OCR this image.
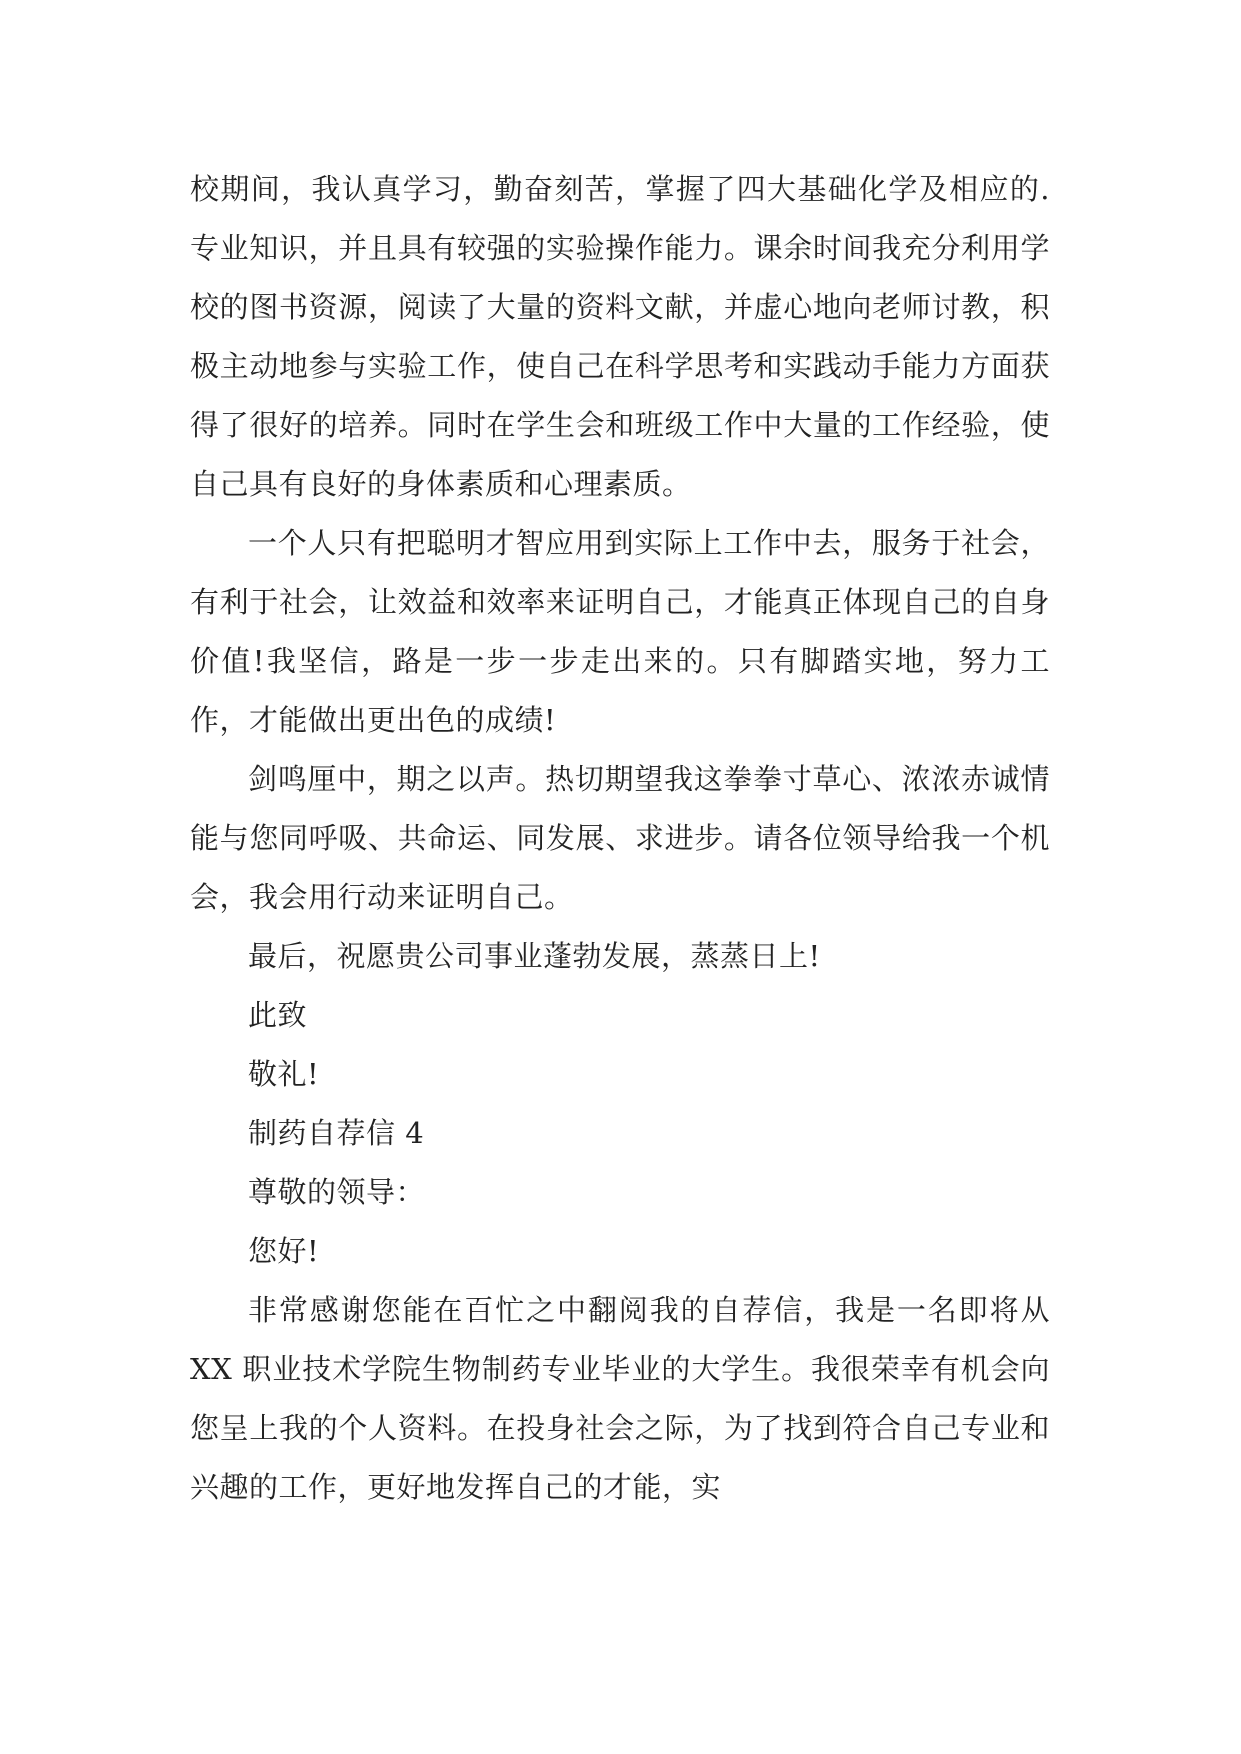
校期间，我认真学习，勤奋刻苦，掌握了四大基础化学及相应的.专业知识，并且具有较强的实验操作能力。课余时间我充分利用学校的图书资源，阅读了大量的资料文献，并虚心地向老师讨教，积极主动地参与实验工作，使自己在科学思考和实践动手能力方面获得了很好的培养。同时在学生会和班级工作中大量的工作经验，使自己具有良好的身体素质和心理素质。

一个人只有把聪明才智应用到实际上工作中去，服务于社会，有利于社会，让效益和效率来证明自己，才能真正体现自己的自身价值!我坚信，路是一步一步走出来的。只有脚踏实地，努力工作，才能做出更出色的成绩!

剑鸣厘中，期之以声。热切期望我这拳拳寸草心、浓浓赤诚情能与您同呼吸、共命运、同发展、求进步。请各位领导给我一个机会，我会用行动来证明自己。

最后，祝愿贵公司事业蓬勃发展，蒸蒸日上!

此致

敬礼!

制药自荐信 4

尊敬的领导：

您好!

非常感谢您能在百忙之中翻阅我的自荐信，我是一名即将从 XX 职业技术学院生物制药专业毕业的大学生。我很荣幸有机会向您呈上我的个人资料。在投身社会之际，为了找到符合自己专业和兴趣的工作，更好地发挥自己的才能，实
